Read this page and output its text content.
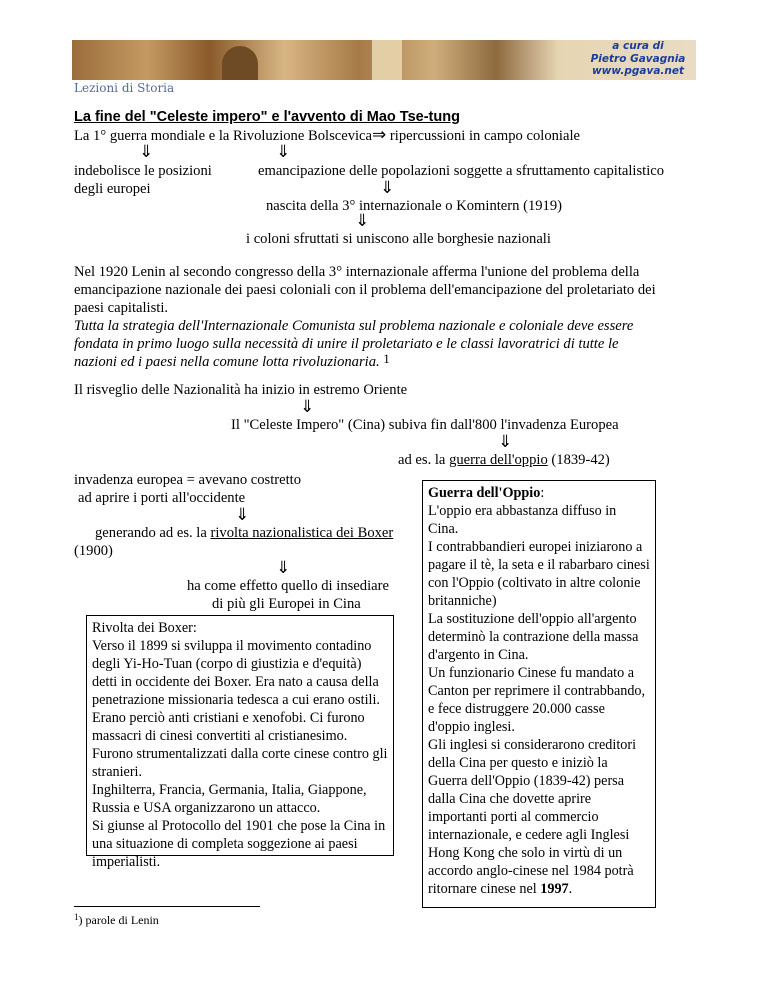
a cura di
Pietro Gavagnia
www.pgava.net
Lezioni di Storia
La fine del "Celeste impero" e l'avvento di Mao Tse-tung
La 1° guerra mondiale e la Rivoluzione Bolscevica⇒ ripercussioni in campo coloniale
⇓	⇓
indebolisce le posizioni
degli europei
emancipazione delle popolazioni soggette a sfruttamento capitalistico
⇓
nascita della 3° internazionale o Komintern (1919)
⇓
i coloni sfruttati si uniscono alle borghesie nazionali
Nel 1920 Lenin al secondo congresso della 3° internazionale afferma l'unione del problema della
emancipazione nazionale dei paesi coloniali con il problema dell'emancipazione del proletariato dei
paesi capitalisti.
Tutta la strategia dell'Internazionale Comunista sul problema nazionale e coloniale deve essere
fondata in primo luogo sulla necessità di unire il proletariato e le classi lavoratrici di tutte le
nazioni ed i paesi nella comune lotta rivoluzionaria. 1
Il risveglio delle Nazionalità ha inizio in estremo Oriente
⇓
Il "Celeste Impero" (Cina) subiva fin dall'800 l'invadenza Europea
⇓
ad es. la guerra dell'oppio (1839-42)
invadenza europea = avevano costretto
ad aprire i porti all'occidente
⇓
generando ad es. la rivolta nazionalistica dei Boxer
(1900)
⇓
ha come effetto quello di insediare
di più gli Europei in Cina

Rivolta dei Boxer:

Verso il 1899 si sviluppa il movimento contadino degli Yi-Ho-Tuan (corpo di giustizia e d'equità) detti in occidente dei Boxer. Era nato a causa della penetrazione missionaria tedesca a cui erano ostili. Erano perciò anti cristiani e xenofobi. Ci furono massacri di cinesi convertiti al cristianesimo. Furono strumentalizzati dalla corte cinese contro gli stranieri.

Inghilterra, Francia, Germania, Italia, Giappone, Russia e USA organizzarono un attacco.

Si giunse al Protocollo del 1901 che pose la Cina in una situazione di completa soggezione ai paesi imperialisti.

Guerra dell'Oppio:

L'oppio era abbastanza diffuso in Cina.

I contrabbandieri europei iniziarono a pagare il tè, la seta e il rabarbaro cinesi con l'Oppio (coltivato in altre colonie britanniche)

La sostituzione dell'oppio all'argento determinò la contrazione della massa d'argento in Cina.

Un funzionario Cinese fu mandato a Canton per reprimere il contrabbando, e fece distruggere 20.000 casse d'oppio inglesi.

Gli inglesi si considerarono creditori della Cina per questo e iniziò la Guerra dell'Oppio (1839-42) persa dalla Cina che dovette aprire importanti porti al commercio internazionale, e cedere agli Inglesi Hong Kong che solo in virtù di un accordo anglo-cinese nel 1984 potrà ritornare cinese nel 1997.

$^1$) parole di Lenin
